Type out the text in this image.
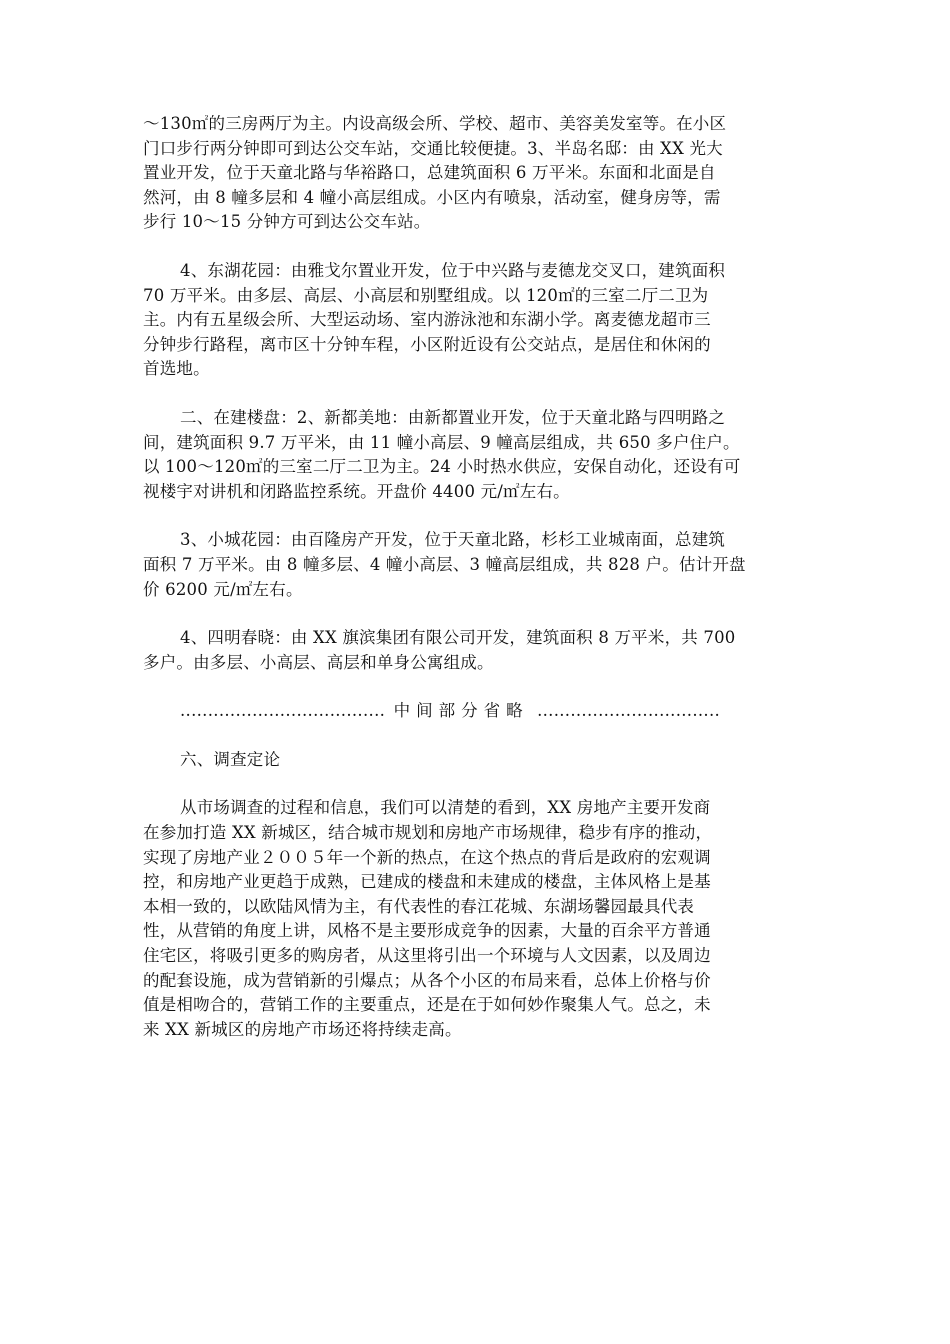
～130㎡的三房两厅为主。内设高级会所、学校、超市、美容美发室等。在小区
门口步行两分钟即可到达公交车站，交通比较便捷。3、半岛名邸：由 XX 光大
置业开发，位于天童北路与华裕路口，总建筑面积 6 万平米。东面和北面是自
然河，由 8 幢多层和 4 幢小高层组成。小区内有喷泉，活动室，健身房等，需
步行 10～15 分钟方可到达公交车站。

4、东湖花园：由雅戈尔置业开发，位于中兴路与麦德龙交叉口，建筑面积
70 万平米。由多层、高层、小高层和别墅组成。以 120㎡的三室二厅二卫为
主。内有五星级会所、大型运动场、室内游泳池和东湖小学。离麦德龙超市三
分钟步行路程，离市区十分钟车程，小区附近设有公交站点，是居住和休闲的
首选地。

二、在建楼盘：2、新都美地：由新都置业开发，位于天童北路与四明路之
间，建筑面积 9.7 万平米，由 11 幢小高层、9 幢高层组成，共 650 多户住户。
以 100～120㎡的三室二厅二卫为主。24 小时热水供应，安保自动化，还设有可
视楼宇对讲机和闭路监控系统。开盘价 4400 元/㎡左右。

3、小城花园：由百隆房产开发，位于天童北路，杉杉工业城南面，总建筑
面积 7 万平米。由 8 幢多层、4 幢小高层、3 幢高层组成，共 828 户。估计开盘
价 6200 元/㎡左右。

4、四明春晓：由 XX 旗滨集团有限公司开发，建筑面积 8 万平米，共 700
多户。由多层、小高层、高层和单身公寓组成。

..................................... 中间部分省略 .................................

六、调查定论

从市场调查的过程和信息，我们可以清楚的看到，XX 房地产主要开发商
在参加打造 XX 新城区，结合城市规划和房地产市场规律，稳步有序的推动，
实现了房地产业２００５年一个新的热点，在这个热点的背后是政府的宏观调
控，和房地产业更趋于成熟，已建成的楼盘和未建成的楼盘，主体风格上是基
本相一致的，以欧陆风情为主，有代表性的春江花城、东湖场馨园最具代表
性，从营销的角度上讲，风格不是主要形成竞争的因素，大量的百余平方普通
住宅区，将吸引更多的购房者，从这里将引出一个环境与人文因素，以及周边
的配套设施，成为营销新的引爆点；从各个小区的布局来看，总体上价格与价
值是相吻合的，营销工作的主要重点，还是在于如何妙作聚集人气。总之，未
来 XX 新城区的房地产市场还将持续走高。
